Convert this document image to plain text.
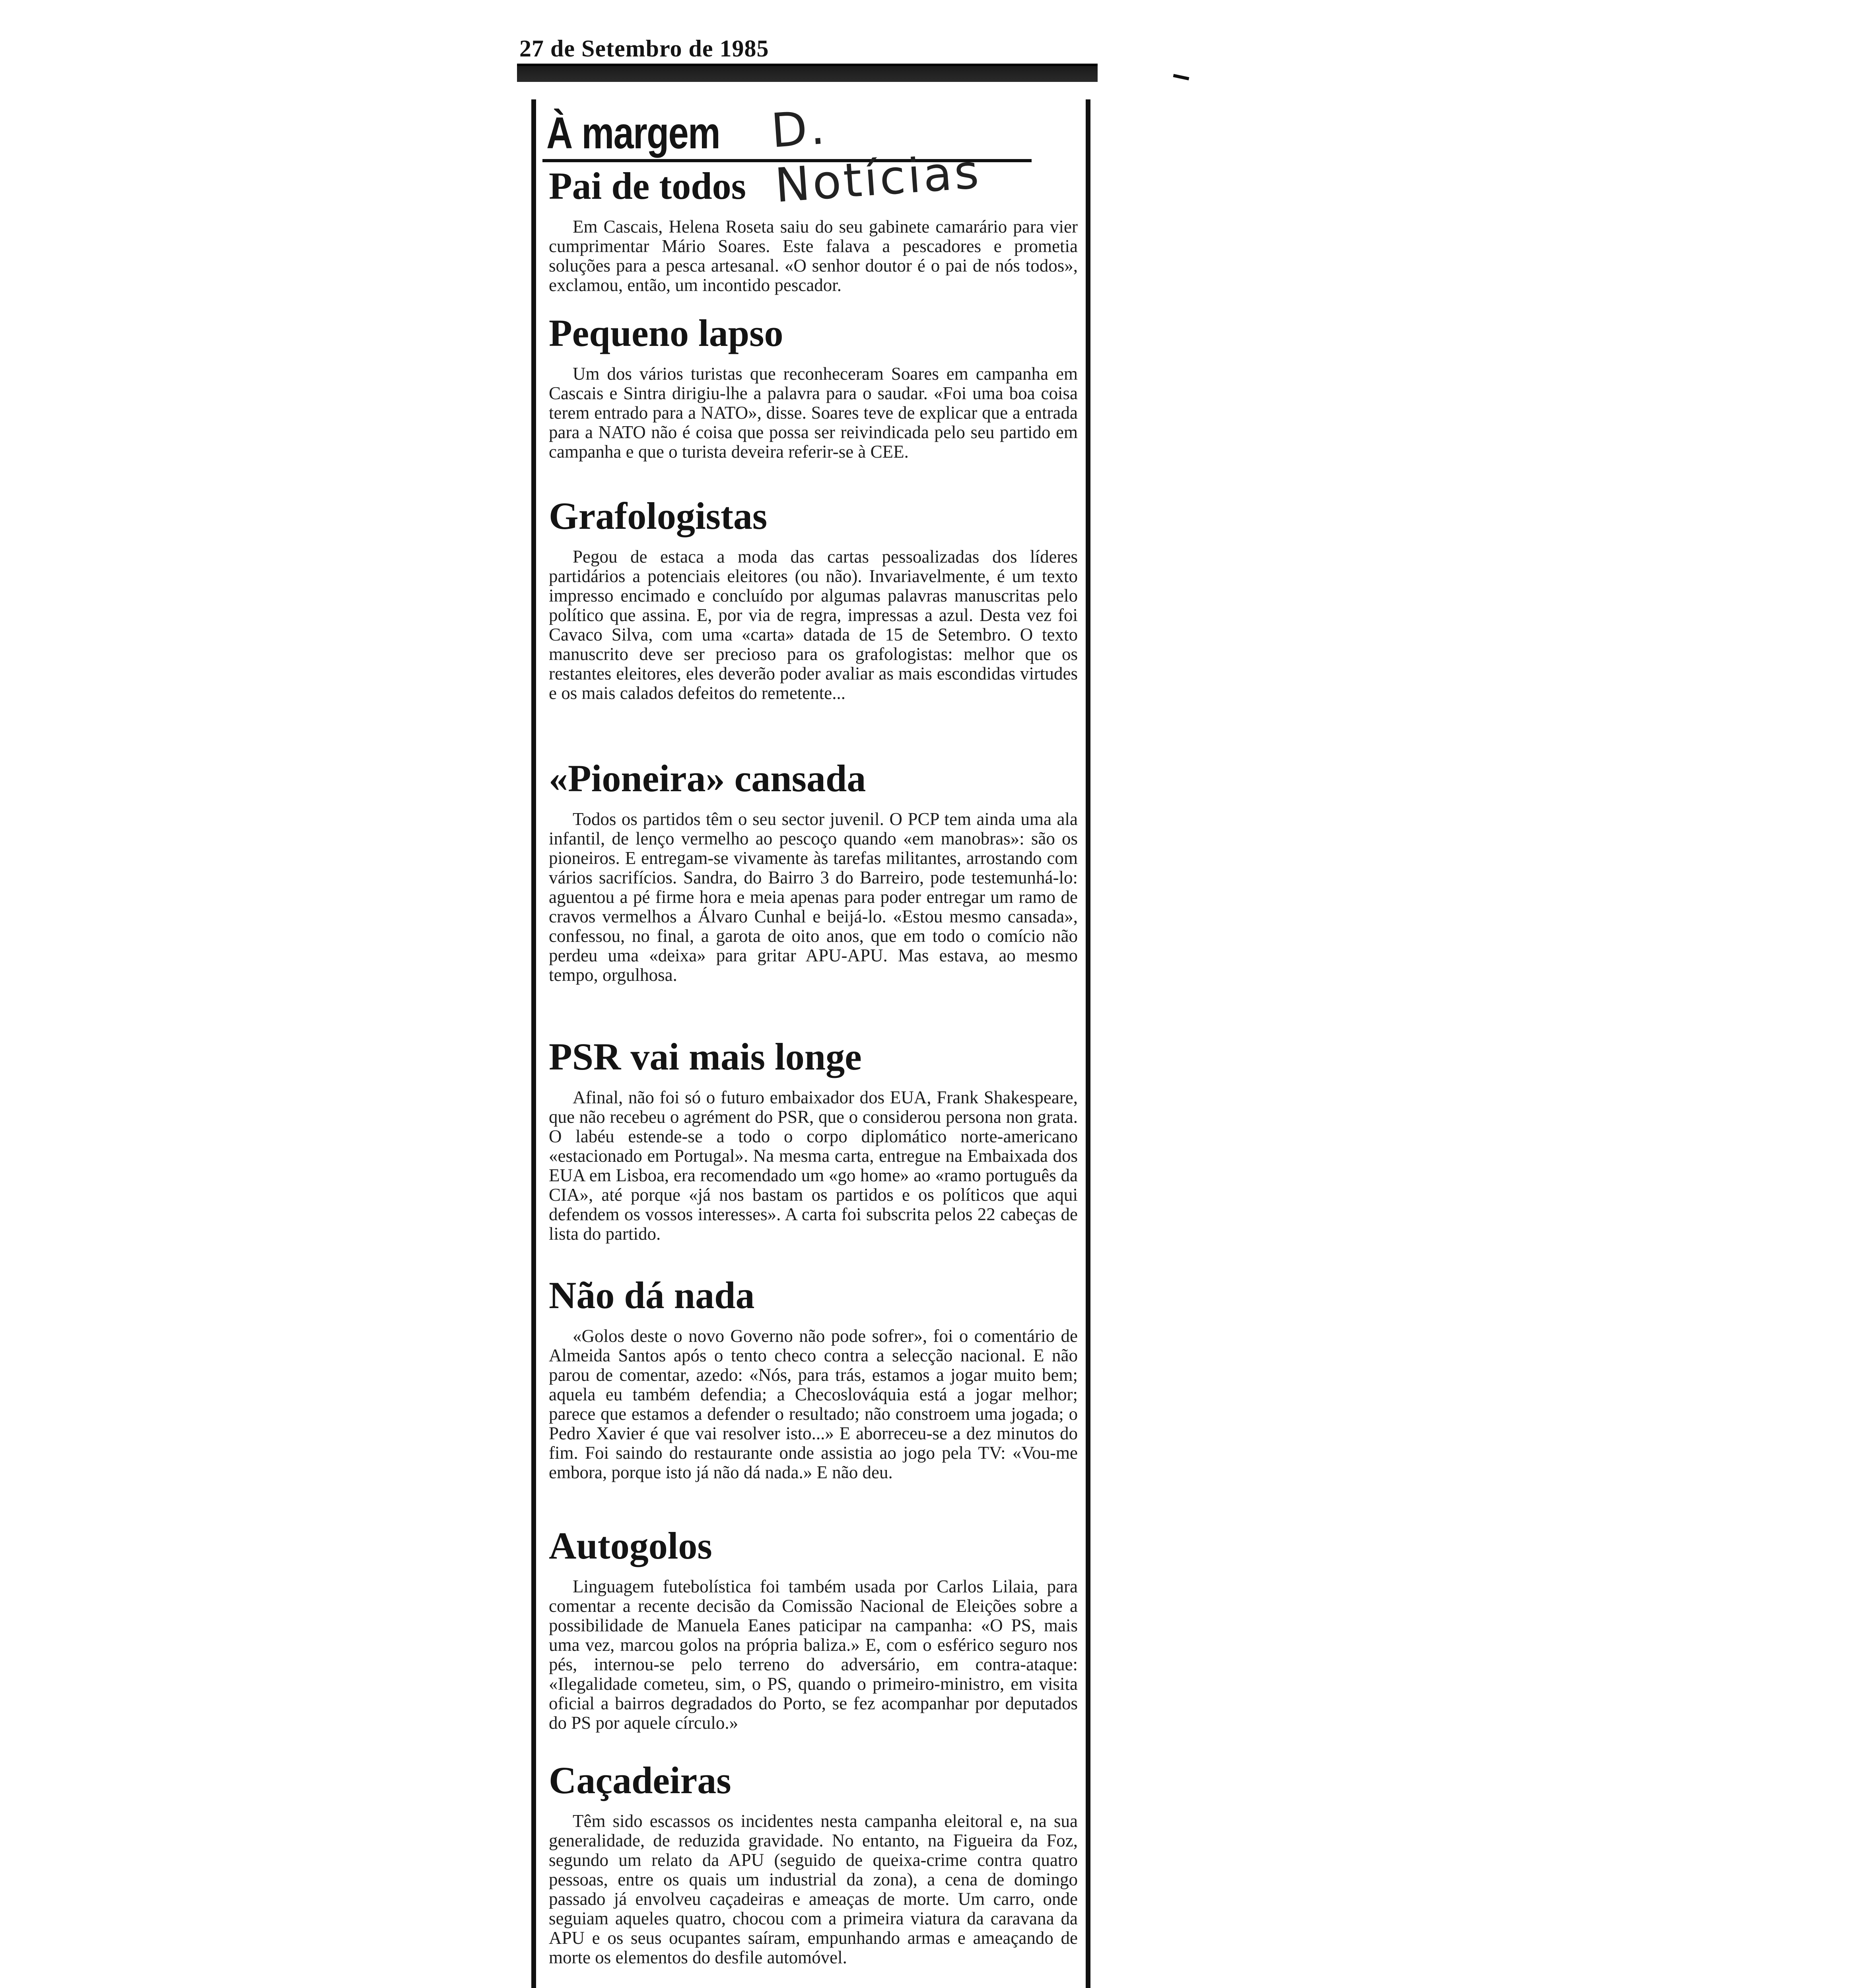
27 de Setembro de 1985
À margem D. Notícias
Pai de todos

Em Cascais, Helena Roseta saiu do seu gabinete camarário para vier cumprimentar Mário Soares. Este falava a pescadores e prometia soluções para a pesca artesanal. «O senhor doutor é o pai de nós todos», exclamou, então, um incontido pescador.

Pequeno lapso

Um dos vários turistas que reconheceram Soares em campanha em Cascais e Sintra dirigiu-lhe a palavra para o saudar. «Foi uma boa coisa terem entrado para a NATO», disse. Soares teve de explicar que a entrada para a NATO não é coisa que possa ser reivindicada pelo seu partido em campanha e que o turista deveira referir-se à CEE.

Grafologistas

Pegou de estaca a moda das cartas pessoalizadas dos líderes partidários a potenciais eleitores (ou não). Invariavelmente, é um texto impresso encimado e concluído por algumas palavras manuscritas pelo político que assina. E, por via de regra, impressas a azul. Desta vez foi Cavaco Silva, com uma «carta» datada de 15 de Setembro. O texto manuscrito deve ser precioso para os grafologistas: melhor que os restantes eleitores, eles deverão poder avaliar as mais escondidas virtudes e os mais calados defeitos do remetente...

«Pioneira» cansada

Todos os partidos têm o seu sector juvenil. O PCP tem ainda uma ala infantil, de lenço vermelho ao pescoço quando «em manobras»: são os pioneiros. E entregam-se vivamente às tarefas militantes, arrostando com vários sacrifícios. Sandra, do Bairro 3 do Barreiro, pode testemunhá-lo: aguentou a pé firme hora e meia apenas para poder entregar um ramo de cravos vermelhos a Álvaro Cunhal e beijá-lo. «Estou mesmo cansada», confessou, no final, a garota de oito anos, que em todo o comício não perdeu uma «deixa» para gritar APU-APU. Mas estava, ao mesmo tempo, orgulhosa.

PSR vai mais longe

Afinal, não foi só o futuro embaixador dos EUA, Frank Shakespeare, que não recebeu o agrément do PSR, que o considerou persona non grata. O labéu estende-se a todo o corpo diplomático norte-americano «estacionado em Portugal». Na mesma carta, entregue na Embaixada dos EUA em Lisboa, era recomendado um «go home» ao «ramo português da CIA», até porque «já nos bastam os partidos e os políticos que aqui defendem os vossos interesses». A carta foi subscrita pelos 22 cabeças de lista do partido.

Não dá nada

«Golos deste o novo Governo não pode sofrer», foi o comentário de Almeida Santos após o tento checo contra a selecção nacional. E não parou de comentar, azedo: «Nós, para trás, estamos a jogar muito bem; aquela eu também defendia; a Checoslováquia está a jogar melhor; parece que estamos a defender o resultado; não constroem uma jogada; o Pedro Xavier é que vai resolver isto...» E aborreceu-se a dez minutos do fim. Foi saindo do restaurante onde assistia ao jogo pela TV: «Vou-me embora, porque isto já não dá nada.» E não deu.

Autogolos

Linguagem futebolística foi também usada por Carlos Lilaia, para comentar a recente decisão da Comissão Nacional de Eleições sobre a possibilidade de Manuela Eanes paticipar na campanha: «O PS, mais uma vez, marcou golos na própria baliza.» E, com o esférico seguro nos pés, internou-se pelo terreno do adversário, em contra-ataque: «Ilegalidade cometeu, sim, o PS, quando o primeiro-ministro, em visita oficial a bairros degradados do Porto, se fez acompanhar por deputados do PS por aquele círculo.»

Caçadeiras

Têm sido escassos os incidentes nesta campanha eleitoral e, na sua generalidade, de reduzida gravidade. No entanto, na Figueira da Foz, segundo um relato da APU (seguido de queixa-crime contra quatro pessoas, entre os quais um industrial da zona), a cena de domingo passado já envolveu caçadeiras e ameaças de morte. Um carro, onde seguiam aqueles quatro, chocou com a primeira viatura da caravana da APU e os seus ocupantes saíram, empunhando armas e ameaçando de morte os elementos do desfile automóvel.
